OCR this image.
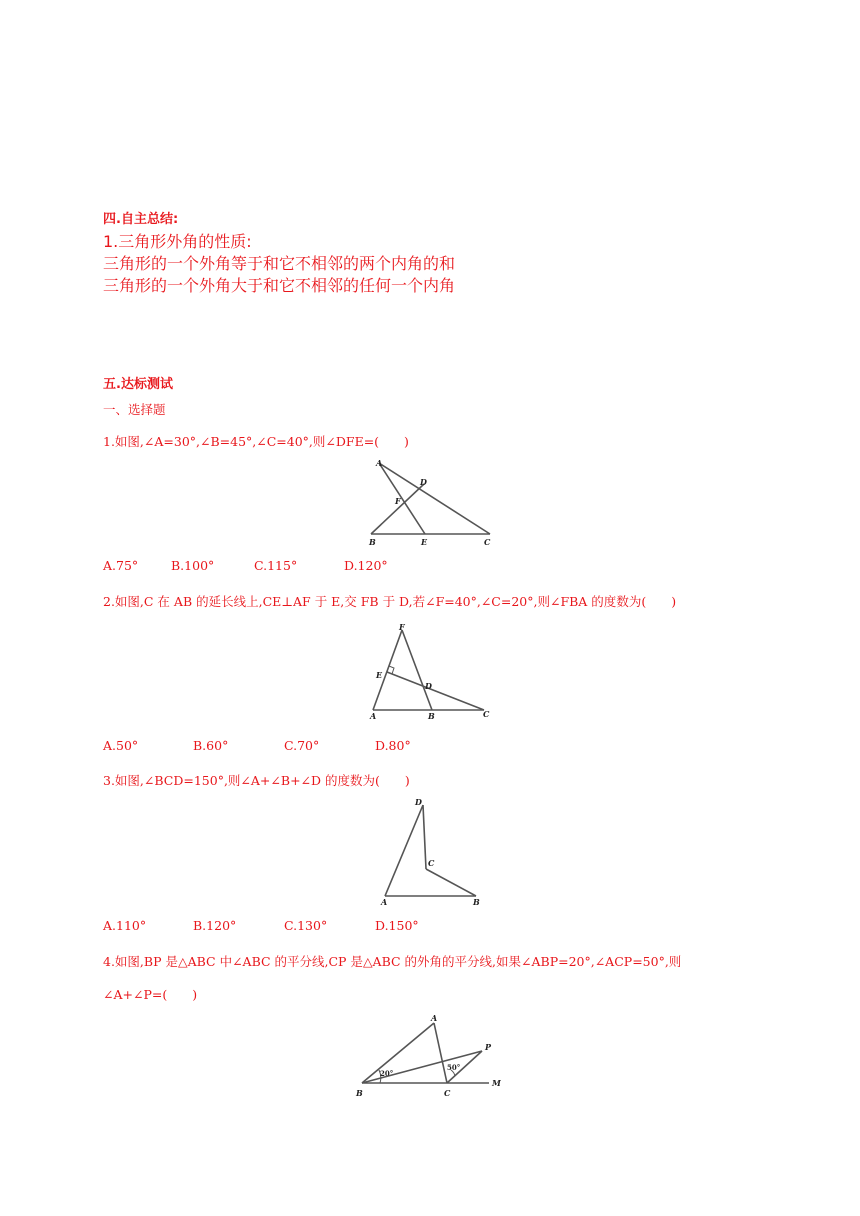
四.自主总结:
1.三角形外角的性质:
三角形的一个外角等于和它不相邻的两个内角的和
三角形的一个外角大于和它不相邻的任何一个内角
五.达标测试
一、选择题
1.如图,∠A=30°,∠B=45°,∠C=40°,则∠DFE=(　　)
A
D
F
B	E	C
A.75°	B.100°	C.115°	D.120°
2.如图,C 在 AB 的延长线上,CE⊥AF 于 E,交 FB 于 D,若∠F=40°,∠C=20°,则∠FBA 的度数为(　　)
F
E
D
A	B	C
A.50°	B.60°	C.70°	D.80°
3.如图,∠BCD=150°,则∠A+∠B+∠D 的度数为(　　)
D
C
A	B
A.110°	B.120°	C.130°	D.150°
4.如图,BP 是△ABC 中∠ABC 的平分线,CP 是△ABC 的外角的平分线,如果∠ABP=20°,∠ACP=50°,则
∠A+∠P=(　　)
B
A
P
C
M
20°
50°
